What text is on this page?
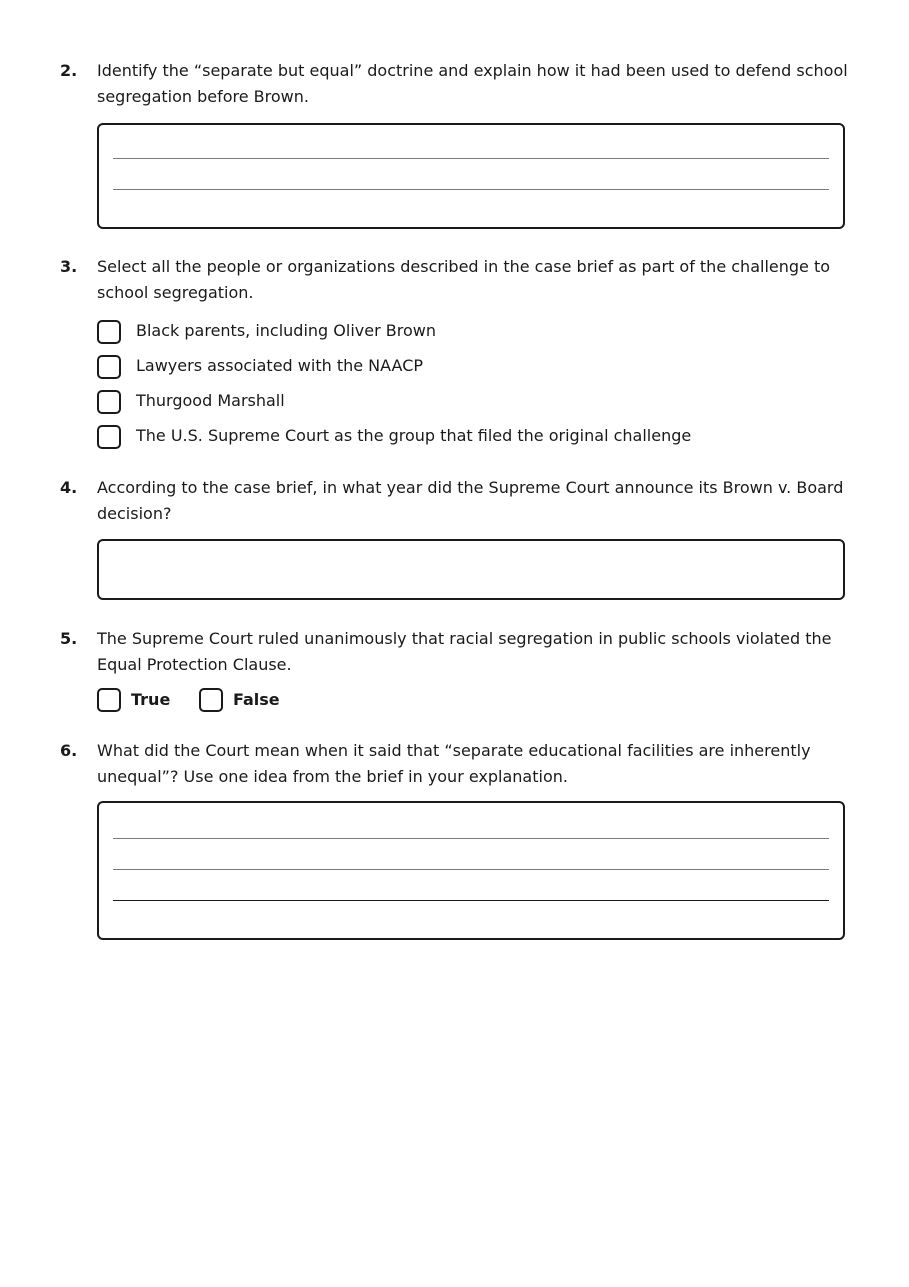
2. Identify the “separate but equal” doctrine and explain how it had been used to defend school segregation before Brown.
3. Select all the people or organizations described in the case brief as part of the challenge to school segregation.
Black parents, including Oliver Brown
Lawyers associated with the NAACP
Thurgood Marshall
The U.S. Supreme Court as the group that filed the original challenge
4. According to the case brief, in what year did the Supreme Court announce its Brown v. Board decision?
5. The Supreme Court ruled unanimously that racial segregation in public schools violated the Equal Protection Clause.
True	False
6. What did the Court mean when it said that “separate educational facilities are inherently unequal”? Use one idea from the brief in your explanation.
